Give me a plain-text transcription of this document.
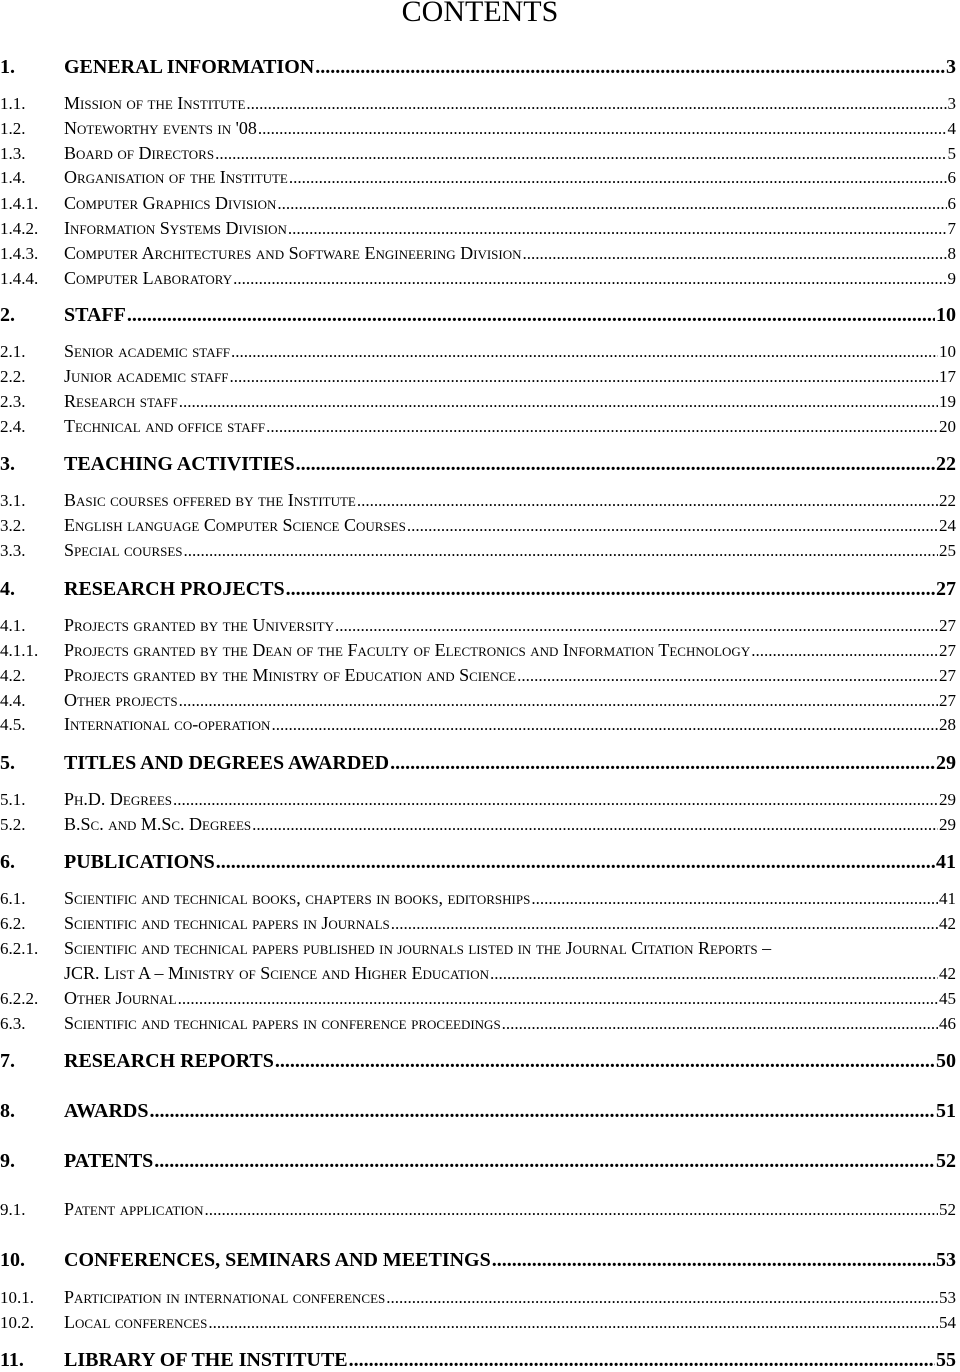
CONTENTS
1.	GENERAL INFORMATION .....	3
1.1.	Mission of the Institute .....	3
1.2.	Noteworthy events in '08 .....	4
1.3.	Board of Directors .....	5
1.4.	Organisation of the Institute .....	6
1.4.1.	Computer Graphics Division .....	6
1.4.2.	Information Systems Division .....	7
1.4.3.	Computer Architectures and Software Engineering Division .....	8
1.4.4.	Computer Laboratory .....	9
2.	STAFF .....	10
2.1.	Senior academic staff .....	10
2.2.	Junior academic staff .....	17
2.3.	Research staff .....	19
2.4.	Technical and office staff .....	20
3.	TEACHING ACTIVITIES .....	22
3.1.	Basic courses offered by the Institute .....	22
3.2.	English language Computer Science Courses .....	24
3.3.	Special courses .....	25
4.	RESEARCH PROJECTS .....	27
4.1.	Projects granted by the University .....	27
4.1.1.	Projects granted by the Dean of the Faculty of Electronics and Information Technology .....	27
4.2.	Projects granted by the Ministry of Education and Science .....	27
4.4.	Other projects .....	27
4.5.	International co-operation .....	28
5.	TITLES AND DEGREES AWARDED .....	29
5.1.	Ph.D. Degrees .....	29
5.2.	B.Sc. and M.Sc. Degrees .....	29
6.	PUBLICATIONS .....	41
6.1.	Scientific and technical books, chapters in books, editorships .....	41
6.2.	Scientific and technical papers in Journals .....	42
6.2.1.	Scientific and technical papers published in journals listed in the Journal Citation Reports –
JCR. List A – Ministry of Science and Higher Education .....	42
6.2.2.	Other Journal .....	45
6.3.	Scientific and technical papers in conference proceedings .....	46
7.	RESEARCH REPORTS .....	50
8.	AWARDS .....	51
9.	PATENTS .....	52
9.1.	Patent application .....	52
10.	CONFERENCES, SEMINARS AND MEETINGS .....	53
10.1.	Participation in international conferences .....	53
10.2.	Local conferences .....	54
11.	LIBRARY OF THE INSTITUTE .....	55
